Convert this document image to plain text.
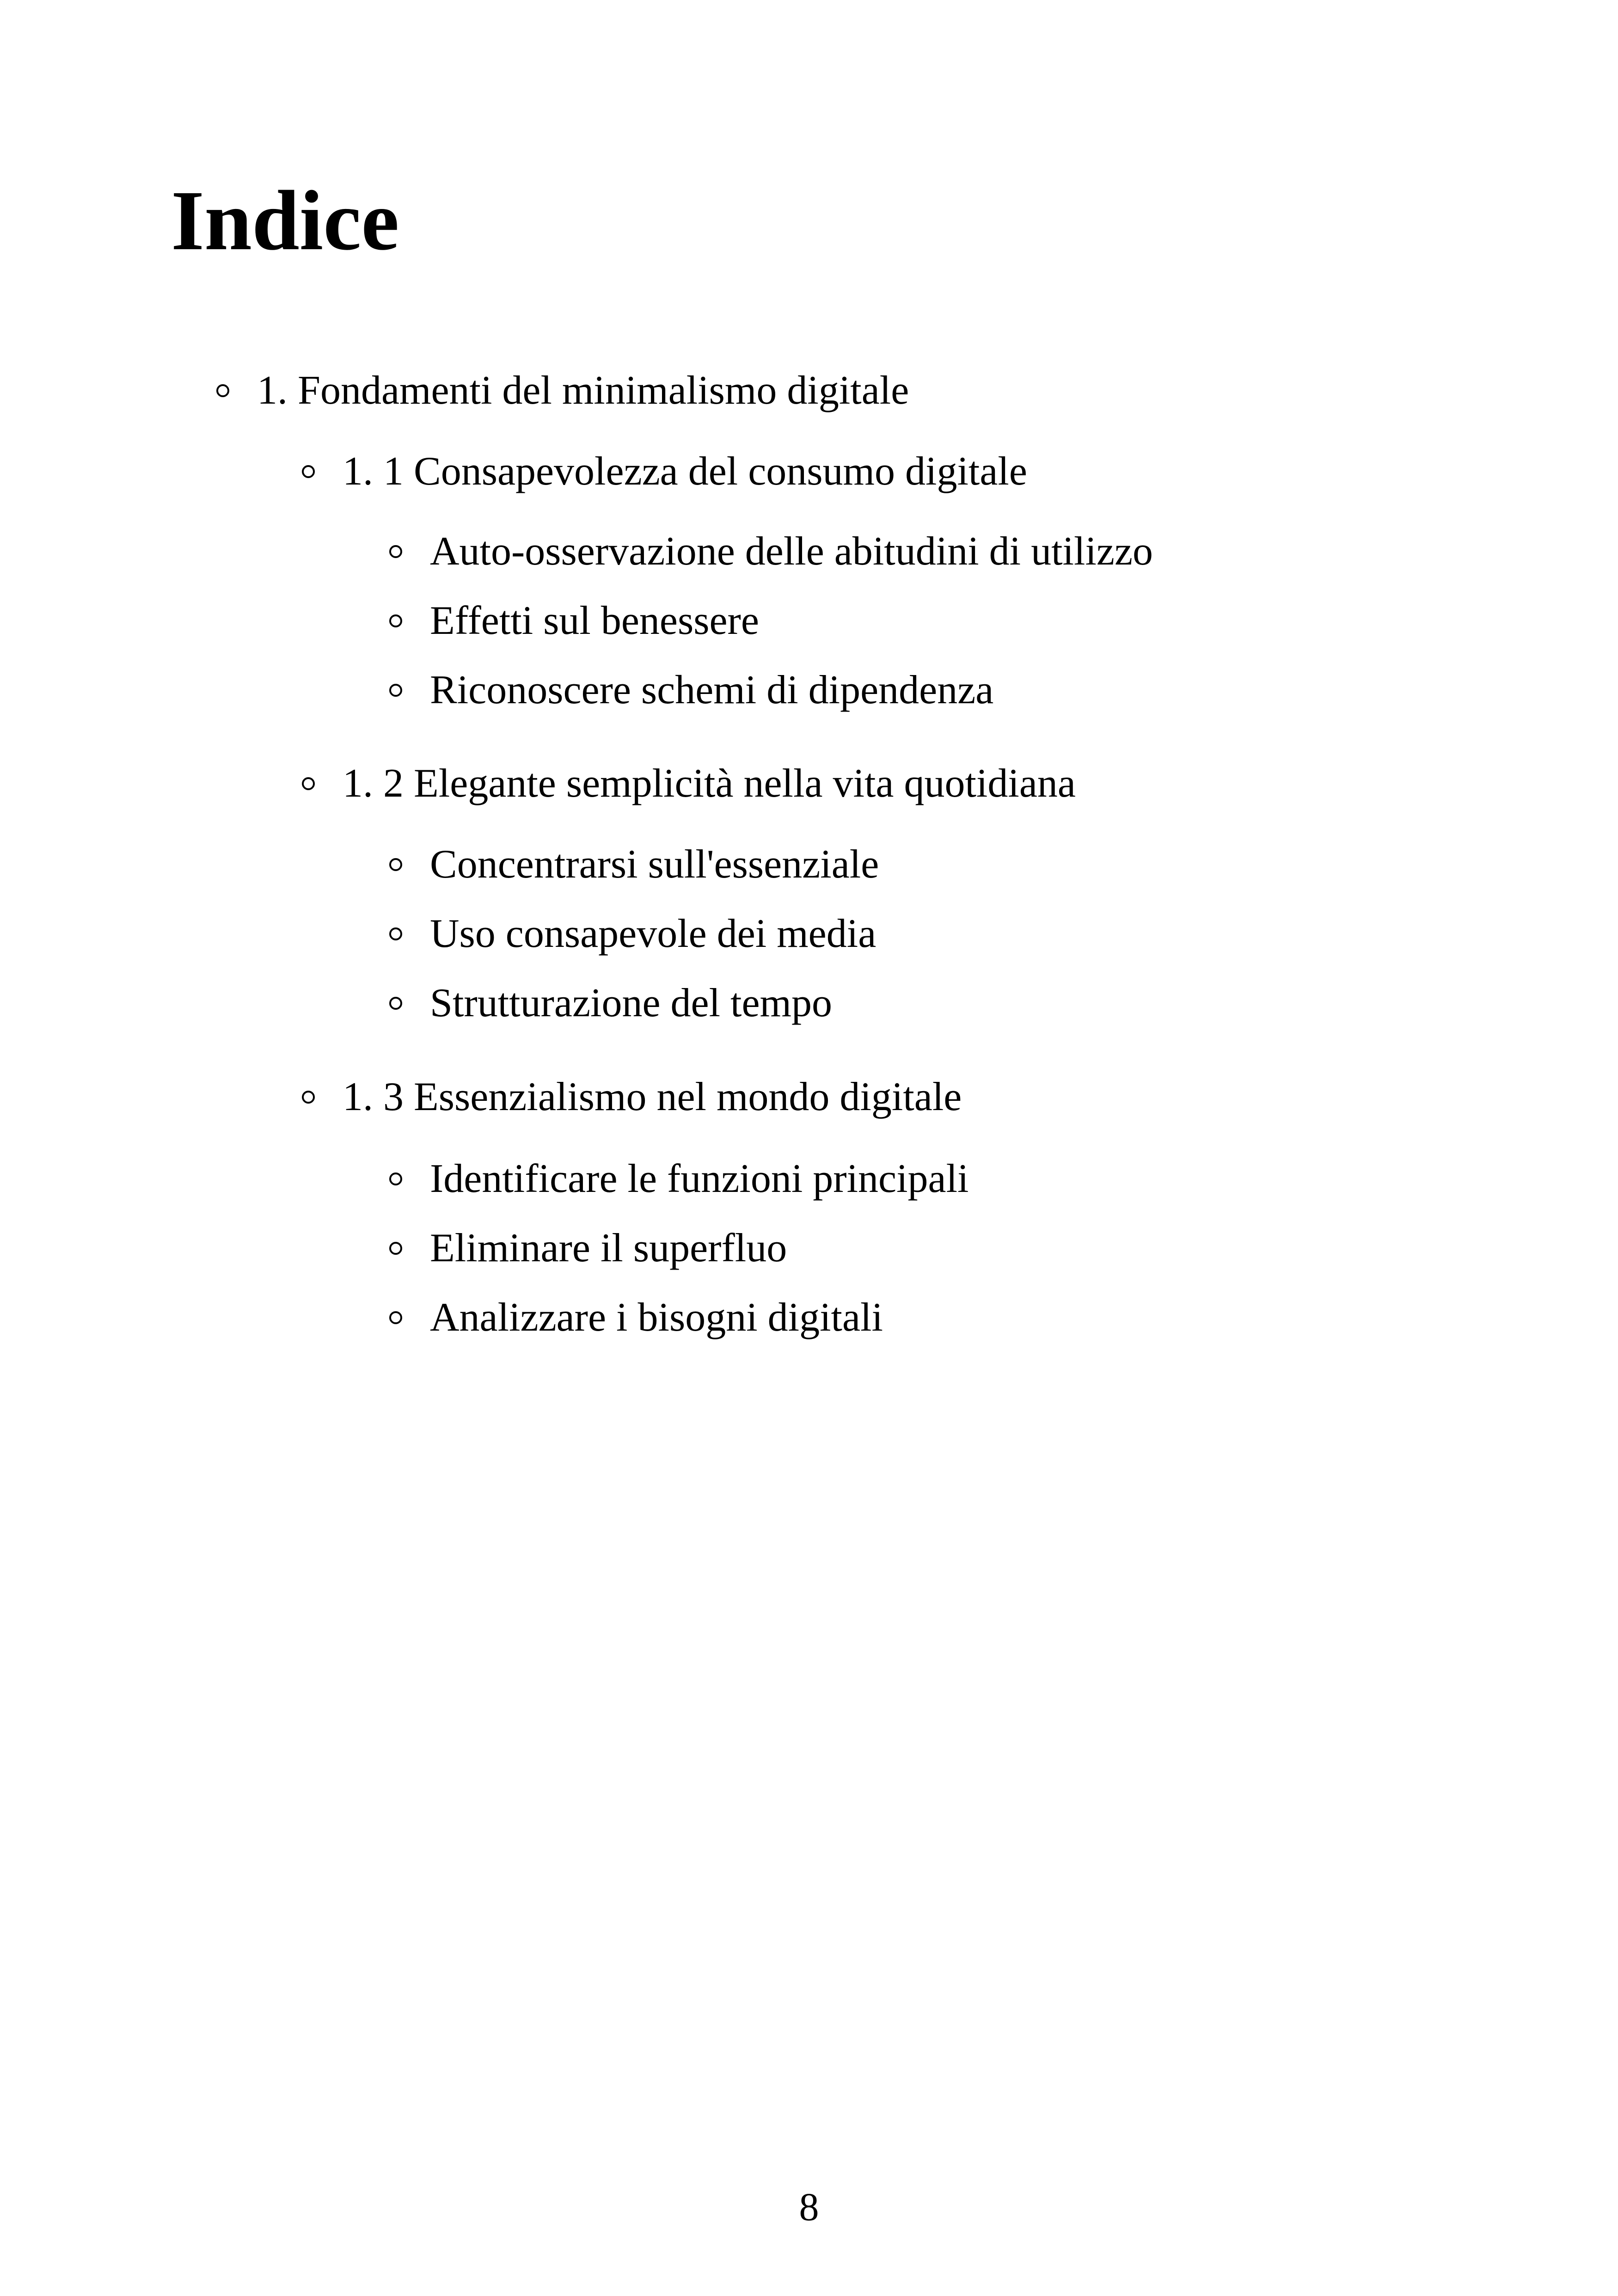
Indice
1. Fondamenti del minimalismo digitale
1. 1 Consapevolezza del consumo digitale
Auto-osservazione delle abitudini di utilizzo
Effetti sul benessere
Riconoscere schemi di dipendenza
1. 2 Elegante semplicità nella vita quotidiana
Concentrarsi sull'essenziale
Uso consapevole dei media
Strutturazione del tempo
1. 3 Essenzialismo nel mondo digitale
Identificare le funzioni principali
Eliminare il superfluo
Analizzare i bisogni digitali
8
